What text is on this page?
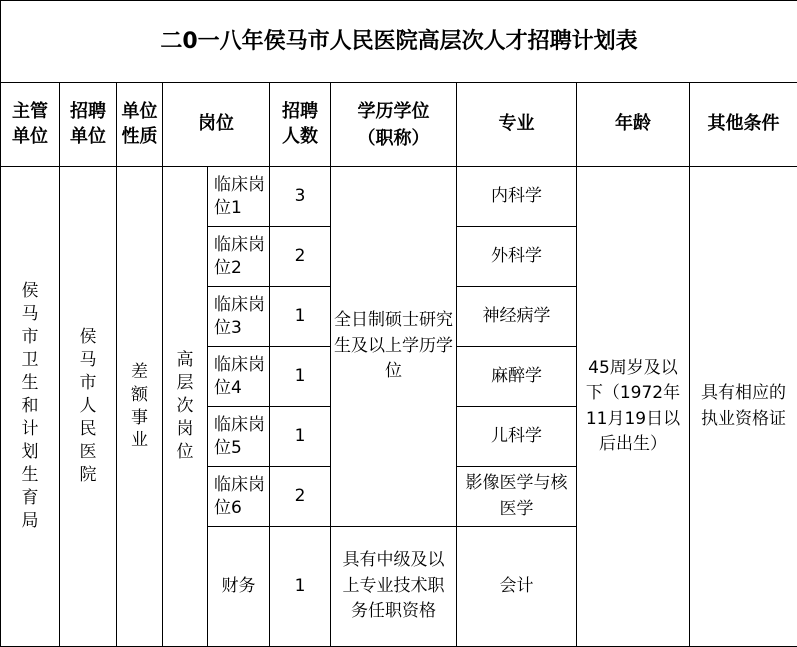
二0一八年侯马市人民医院高层次人才招聘计划表									
主管单位	招聘单位	单位性质	岗位		招聘人数	学历学位（职称）	专业	年龄	其他条件
侯马市卫生和计划生育局	侯马市人民医院	差额事业	高层次岗位	临床岗位1	3	全日制硕士研究生及以上学历学位	内科学	45周岁及以下（1972年11月19日以后出生）	具有相应的执业资格证
				临床岗位2	2		外科学		
				临床岗位3	1		神经病学		
				临床岗位4	1		麻醉学		
				临床岗位5	1		儿科学		
				临床岗位6	2		影像医学与核医学		
				财务	1	具有中级及以上专业技术职务任职资格	会计		
